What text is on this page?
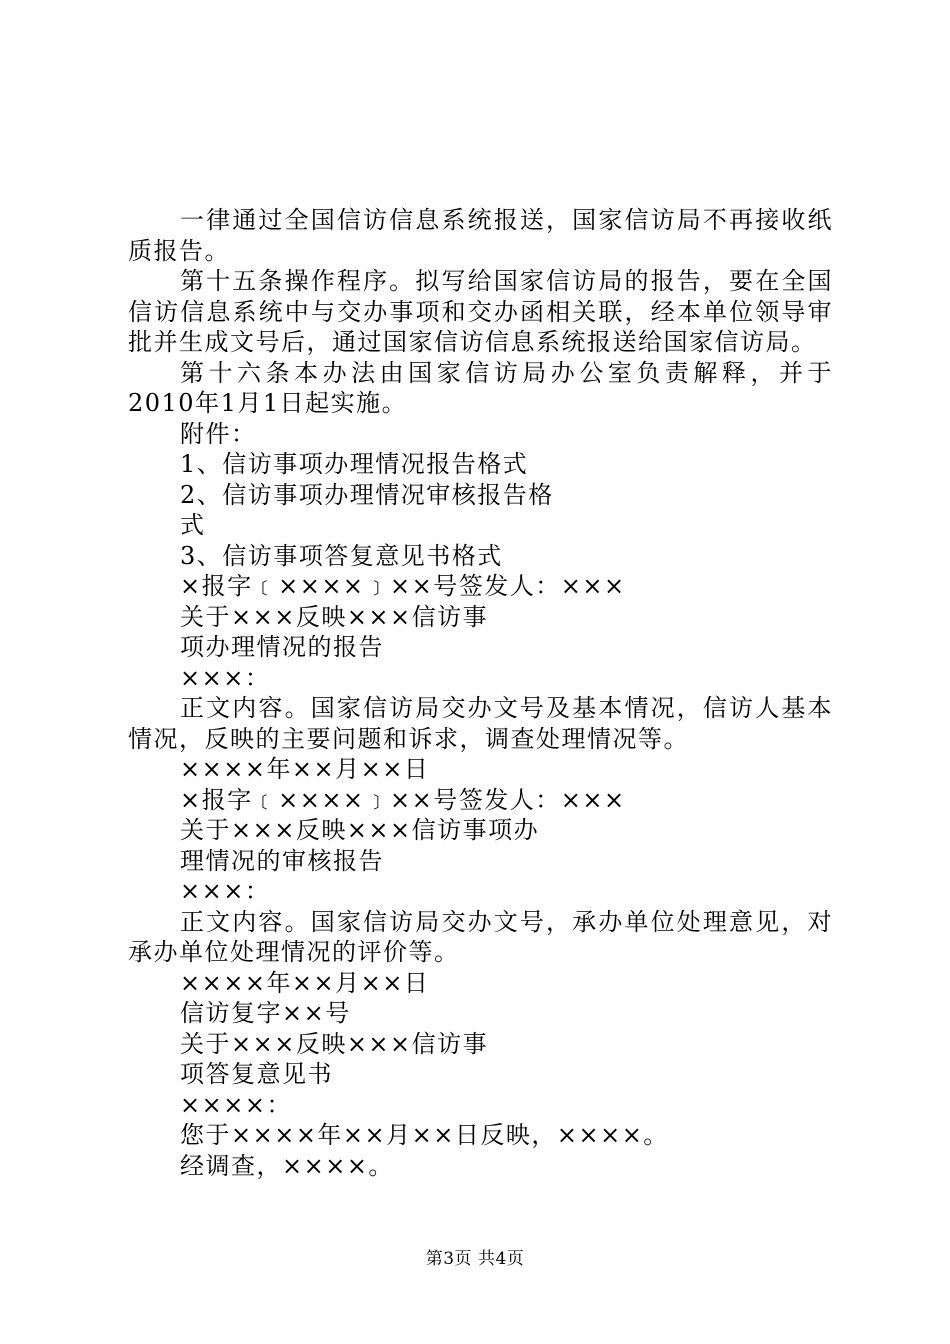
一律通过全国信访信息系统报送，国家信访局不再接收纸质报告。

第十五条操作程序。拟写给国家信访局的报告，要在全国信访信息系统中与交办事项和交办函相关联，经本单位领导审批并生成文号后，通过国家信访信息系统报送给国家信访局。

第十六条本办法由国家信访局办公室负责解释，并于2010年1月1日起实施。

附件：

1、信访事项办理情况报告格式

2、信访事项办理情况审核报告格

式

3、信访事项答复意见书格式

×报字﹝××××﹞××号签发人：×××

关于×××反映×××信访事

项办理情况的报告

×××：

正文内容。国家信访局交办文号及基本情况，信访人基本情况，反映的主要问题和诉求，调查处理情况等。

××××年××月××日

×报字﹝××××﹞××号签发人：×××

关于×××反映×××信访事项办

理情况的审核报告

×××：

正文内容。国家信访局交办文号，承办单位处理意见，对承办单位处理情况的评价等。

××××年××月××日

信访复字××号

关于×××反映×××信访事

项答复意见书

××××：

您于××××年××月××日反映，××××。

经调查，××××。

第3页 共4页
